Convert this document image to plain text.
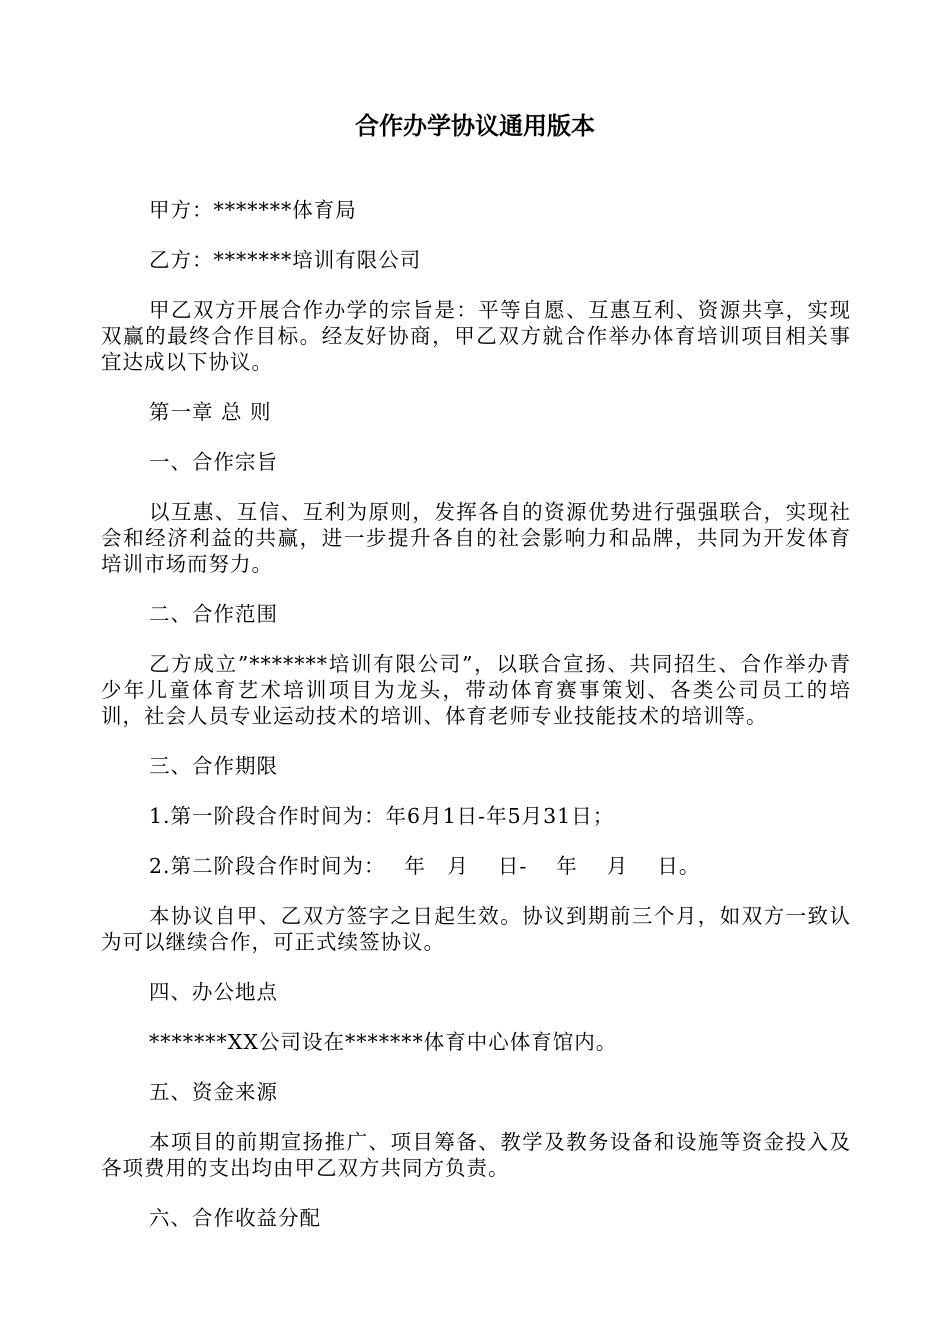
合作办学协议通用版本

甲方：*******体育局

乙方：*******培训有限公司

甲乙双方开展合作办学的宗旨是：平等自愿、互惠互利、资源共享，实现双赢的最终合作目标。经友好协商，甲乙双方就合作举办体育培训项目相关事宜达成以下协议。

第一章 总 则

一、合作宗旨

以互惠、互信、互利为原则，发挥各自的资源优势进行强强联合，实现社会和经济利益的共赢，进一步提升各自的社会影响力和品牌，共同为开发体育培训市场而努力。

二、合作范围

乙方成立”*******培训有限公司”，以联合宣扬、共同招生、合作举办青少年儿童体育艺术培训项目为龙头，带动体育赛事策划、各类公司员工的培训，社会人员专业运动技术的培训、体育老师专业技能技术的培训等。

三、合作期限

1.第一阶段合作时间为：年6月1日-年5月31日；

2.第二阶段合作时间为：　 年　月　 日-　 年　 月　 日。

本协议自甲、乙双方签字之日起生效。协议到期前三个月，如双方一致认为可以继续合作，可正式续签协议。

四、办公地点

*******XX公司设在*******体育中心体育馆内。

五、资金来源

本项目的前期宣扬推广、项目筹备、教学及教务设备和设施等资金投入及各项费用的支出均由甲乙双方共同方负责。

六、合作收益分配
